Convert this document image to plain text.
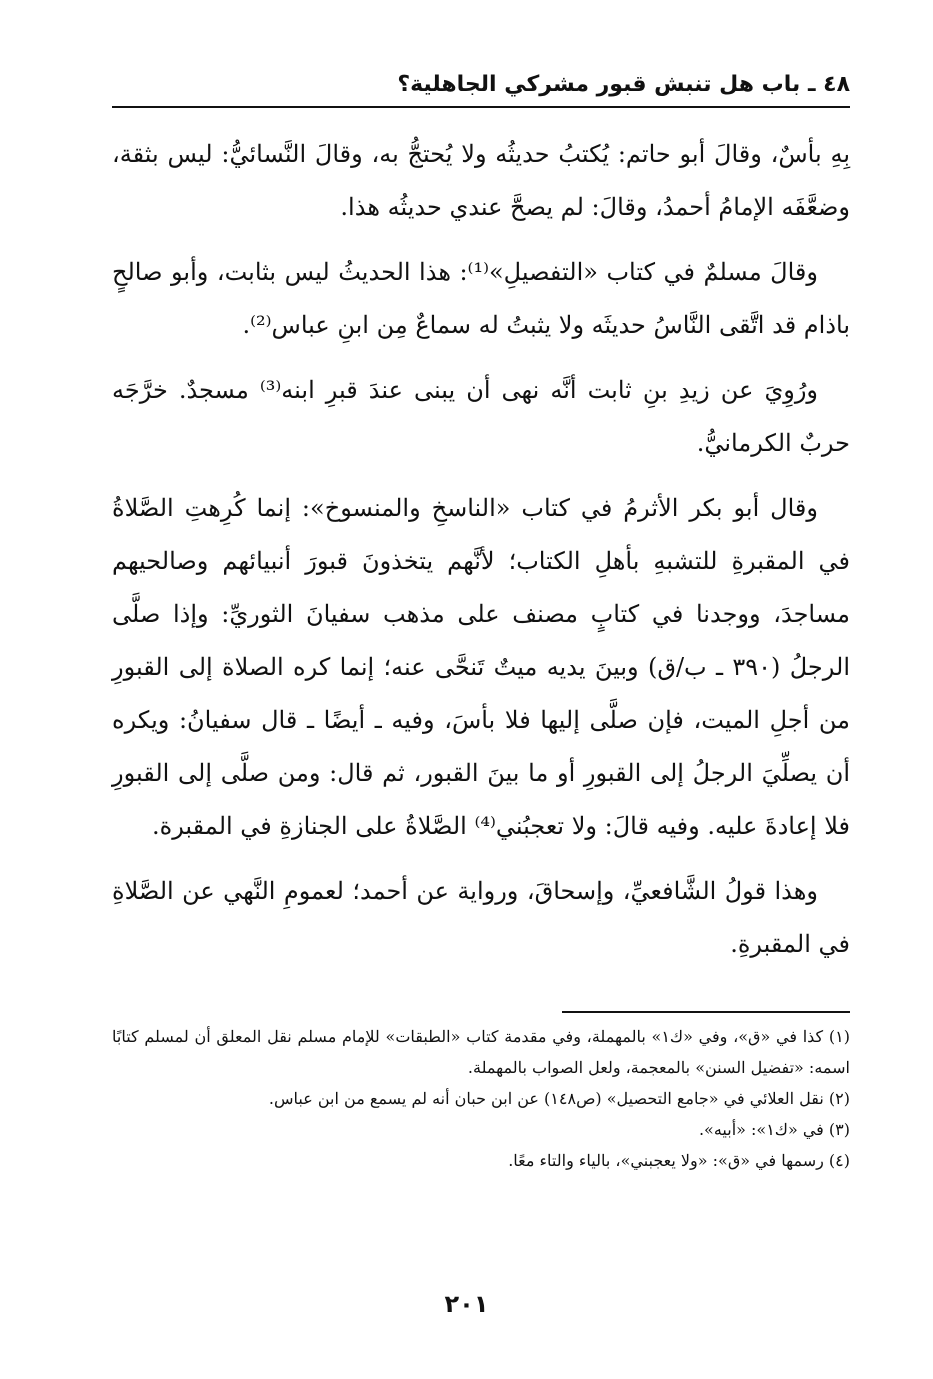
٤٨ ـ باب هل تنبش قبور مشركي الجاهلية؟

بِهِ بأسٌ، وقالَ أبو حاتم: يُكتبُ حديثُه ولا يُحتجُّ به، وقالَ النَّسائيُّ: ليس بثقة، وضعَّفَه الإمامُ أحمدُ، وقالَ: لم يصحَّ عندي حديثُه هذا.

وقالَ مسلمٌ في كتاب «التفصيلِ»⁽¹⁾: هذا الحديثُ ليس بثابت، وأبو صالحٍ باذام قد اتَّقى النَّاسُ حديثَه ولا يثبتُ له سماعٌ مِن ابنِ عباس⁽²⁾.

ورُوِيَ عن زيدِ بنِ ثابت أنَّه نهى أن يبنى عندَ قبرِ ابنه⁽³⁾ مسجدٌ. خرَّجَه حربٌ الكرمانيُّ.

وقال أبو بكر الأثرمُ في كتاب «الناسخِ والمنسوخ»: إنما كُرِهتِ الصَّلاةُ في المقبرةِ للتشبهِ بأهلِ الكتاب؛ لأنَّهم يتخذونَ قبورَ أنبيائهم وصالحيهم مساجدَ، ووجدنا في كتابٍ مصنف على مذهب سفيانَ الثوريِّ: وإذا صلَّى الرجلُ (٣٩٠ ـ ب/ق) وبينَ يديه ميتٌ تَنحَّى عنه؛ إنما كره الصلاة إلى القبورِ من أجلِ الميت، فإن صلَّى إليها فلا بأسَ، وفيه ـ أيضًا ـ قال سفيانُ: ويكره أن يصلِّيَ الرجلُ إلى القبورِ أو ما بينَ القبور، ثم قال: ومن صلَّى إلى القبورِ فلا إعادةَ عليه. وفيه قالَ: ولا تعجبُني⁽⁴⁾ الصَّلاةُ على الجنازةِ في المقبرة.

وهذا قولُ الشَّافعيِّ، وإسحاقَ، ورواية عن أحمد؛ لعمومِ النَّهي عن الصَّلاةِ في المقبرةِ.

(١) كذا في «ق»، وفي «ك١» بالمهملة، وفي مقدمة كتاب «الطبقات» للإمام مسلم نقل المعلق أن لمسلم كتابًا اسمه: «تفضيل السنن» بالمعجمة، ولعل الصواب بالمهملة.

(٢) نقل العلائي في «جامع التحصيل» (ص١٤٨) عن ابن حبان أنه لم يسمع من ابن عباس.

(٣) في «ك١»: «أبيه».

(٤) رسمها في «ق»: «ولا يعجبني»، بالياء والتاء معًا.

٢٠١
